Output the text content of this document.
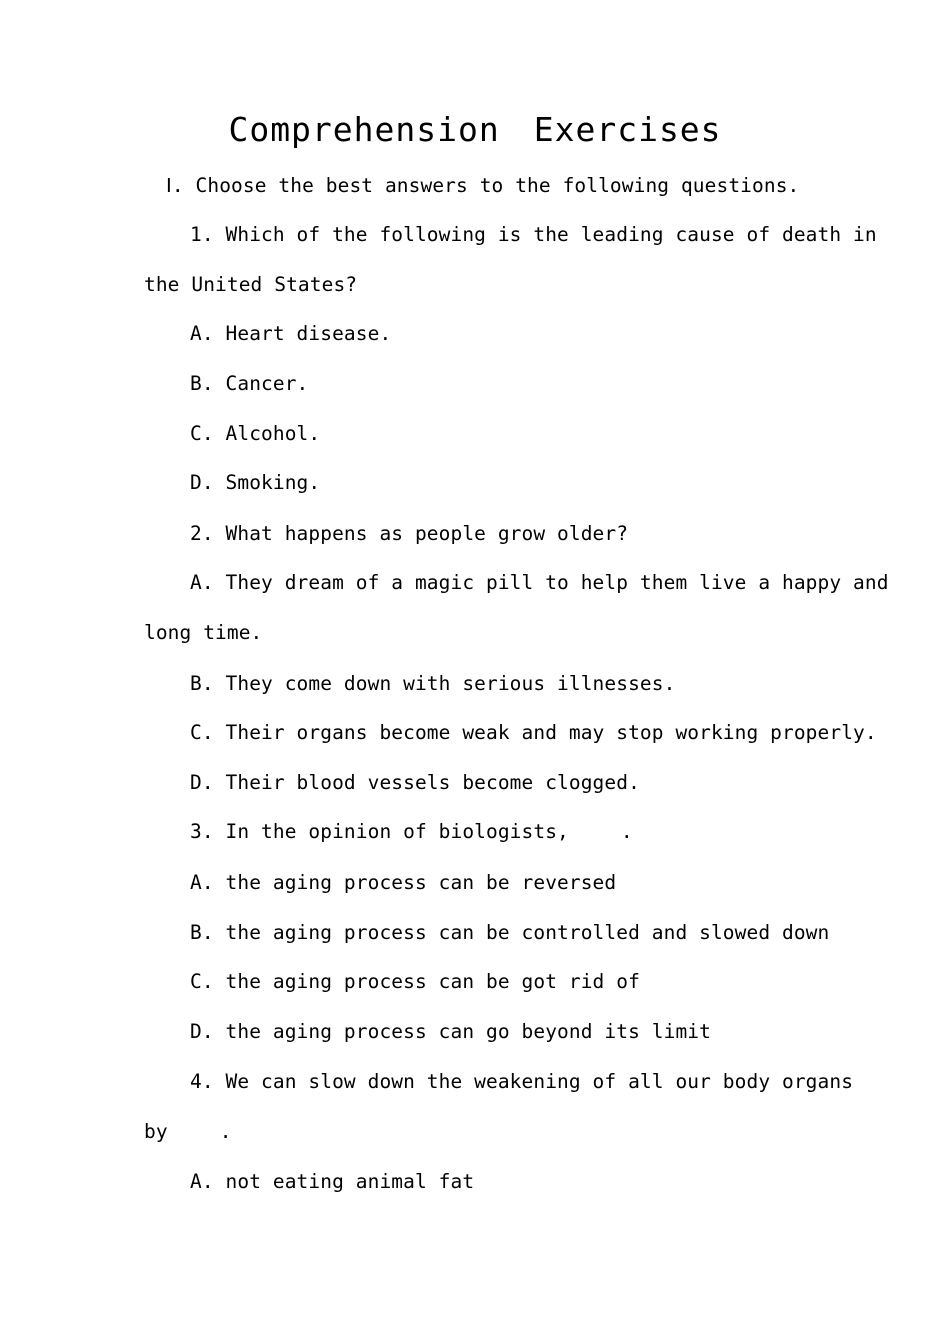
Comprehension　Exercises
Ⅰ. Choose the best answers to the following questions.
1. Which of the following is the leading cause of death in
the United States?
A. Heart disease.
B. Cancer.
C. Alcohol.
D. Smoking.
2. What happens as people grow older?
A. They dream of a magic pill to help them live a happy and
long time.
B. They come down with serious illnesses.
C. Their organs become weak and may stop working properly.
D. Their blood vessels become clogged.
3. In the opinion of biologists,	.
A. the aging process can be reversed
B. the aging process can be controlled and slowed down
C. the aging process can be got rid of
D. the aging process can go beyond its limit
4. We can slow down the weakening of all our body organs
by	.
A. not eating animal fat
